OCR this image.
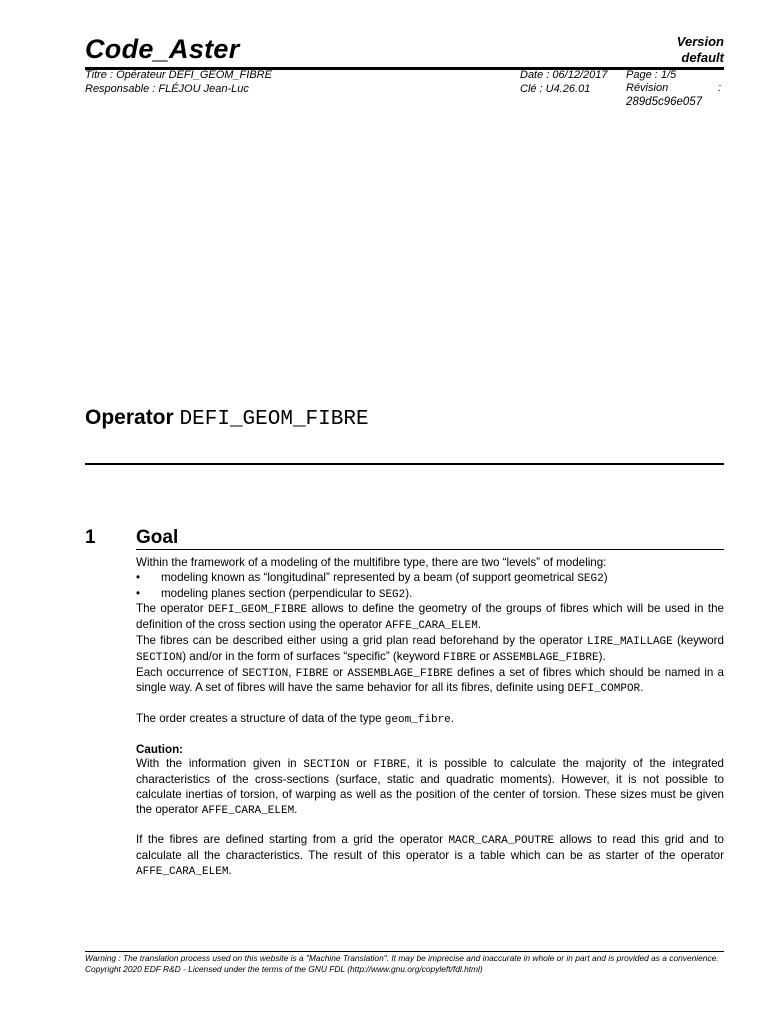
Code_Aster	Version
default
Titre : Opérateur DEFI_GEOM_FIBRE
Responsable : FLÉJOU Jean-Luc
Date : 06/12/2017
Clé : U4.26.01
Page : 1/5
Révision	:
289d5c96e057
Operator DEFI_GEOM_FIBRE
1 Goal

Within the framework of a modeling of the multifibre type, there are two “levels” of modeling:

• modeling known as “longitudinal” represented by a beam (of support geometrical SEG2)
• modeling planes section (perpendicular to SEG2).

The operator DEFI_GEOM_FIBRE allows to define the geometry of the groups of fibres which will be used in the definition of the cross section using the operator AFFE_CARA_ELEM.

The fibres can be described either using a grid plan read beforehand by the operator LIRE_MAILLAGE (keyword SECTION) and/or in the form of surfaces “specific” (keyword FIBRE or ASSEMBLAGE_FIBRE).

Each occurrence of SECTION, FIBRE or ASSEMBLAGE_FIBRE defines a set of fibres which should be named in a single way. A set of fibres will have the same behavior for all its fibres, definite using DEFI_COMPOR.

The order creates a structure of data of the type geom_fibre.

Caution:

With the information given in SECTION or FIBRE, it is possible to calculate the majority of the integrated characteristics of the cross-sections (surface, static and quadratic moments). However, it is not possible to calculate inertias of torsion, of warping as well as the position of the center of torsion. These sizes must be given the operator AFFE_CARA_ELEM.

If the fibres are defined starting from a grid the operator MACR_CARA_POUTRE allows to read this grid and to calculate all the characteristics. The result of this operator is a table which can be as starter of the operator AFFE_CARA_ELEM.

Warning : The translation process used on this website is a "Machine Translation". It may be imprecise and inaccurate in whole or in part and is provided as a convenience.
Copyright 2020 EDF R&D - Licensed under the terms of the GNU FDL (http://www.gnu.org/copyleft/fdl.html)
